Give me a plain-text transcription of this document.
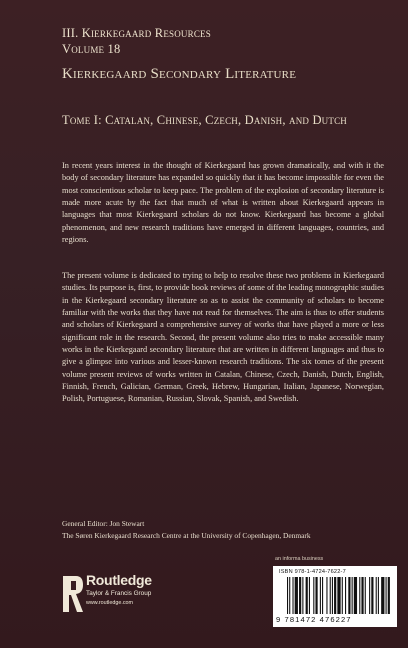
III. Kierkegaard Resources
Volume 18
Kierkegaard Secondary Literature
Tome I: Catalan, Chinese, Czech, Danish, and Dutch
In recent years interest in the thought of Kierkegaard has grown dramatically, and with it the body of secondary literature has expanded so quickly that it has become impossible for even the most conscientious scholar to keep pace. The problem of the explosion of secondary literature is made more acute by the fact that much of what is written about Kierkegaard appears in languages that most Kierkegaard scholars do not know. Kierkegaard has become a global phenomenon, and new research traditions have emerged in different languages, countries, and regions.
The present volume is dedicated to trying to help to resolve these two problems in Kierkegaard studies. Its purpose is, first, to provide book reviews of some of the leading monographic studies in the Kierkegaard secondary literature so as to assist the community of scholars to become familiar with the works that they have not read for themselves. The aim is thus to offer students and scholars of Kierkegaard a comprehensive survey of works that have played a more or less significant role in the research. Second, the present volume also tries to make accessible many works in the Kierkegaard secondary literature that are written in different languages and thus to give a glimpse into various and lesser-known research traditions. The six tomes of the present volume present reviews of works written in Catalan, Chinese, Czech, Danish, Dutch, English, Finnish, French, Galician, German, Greek, Hebrew, Hungarian, Italian, Japanese, Norwegian, Polish, Portuguese, Romanian, Russian, Slovak, Spanish, and Swedish.
General Editor: Jon Stewart
The Søren Kierkegaard Research Centre at the University of Copenhagen, Denmark
Routledge
Taylor & Francis Group
www.routledge.com
an informa business
ISBN 978-1-4724-7622-7
9 781472 476227
